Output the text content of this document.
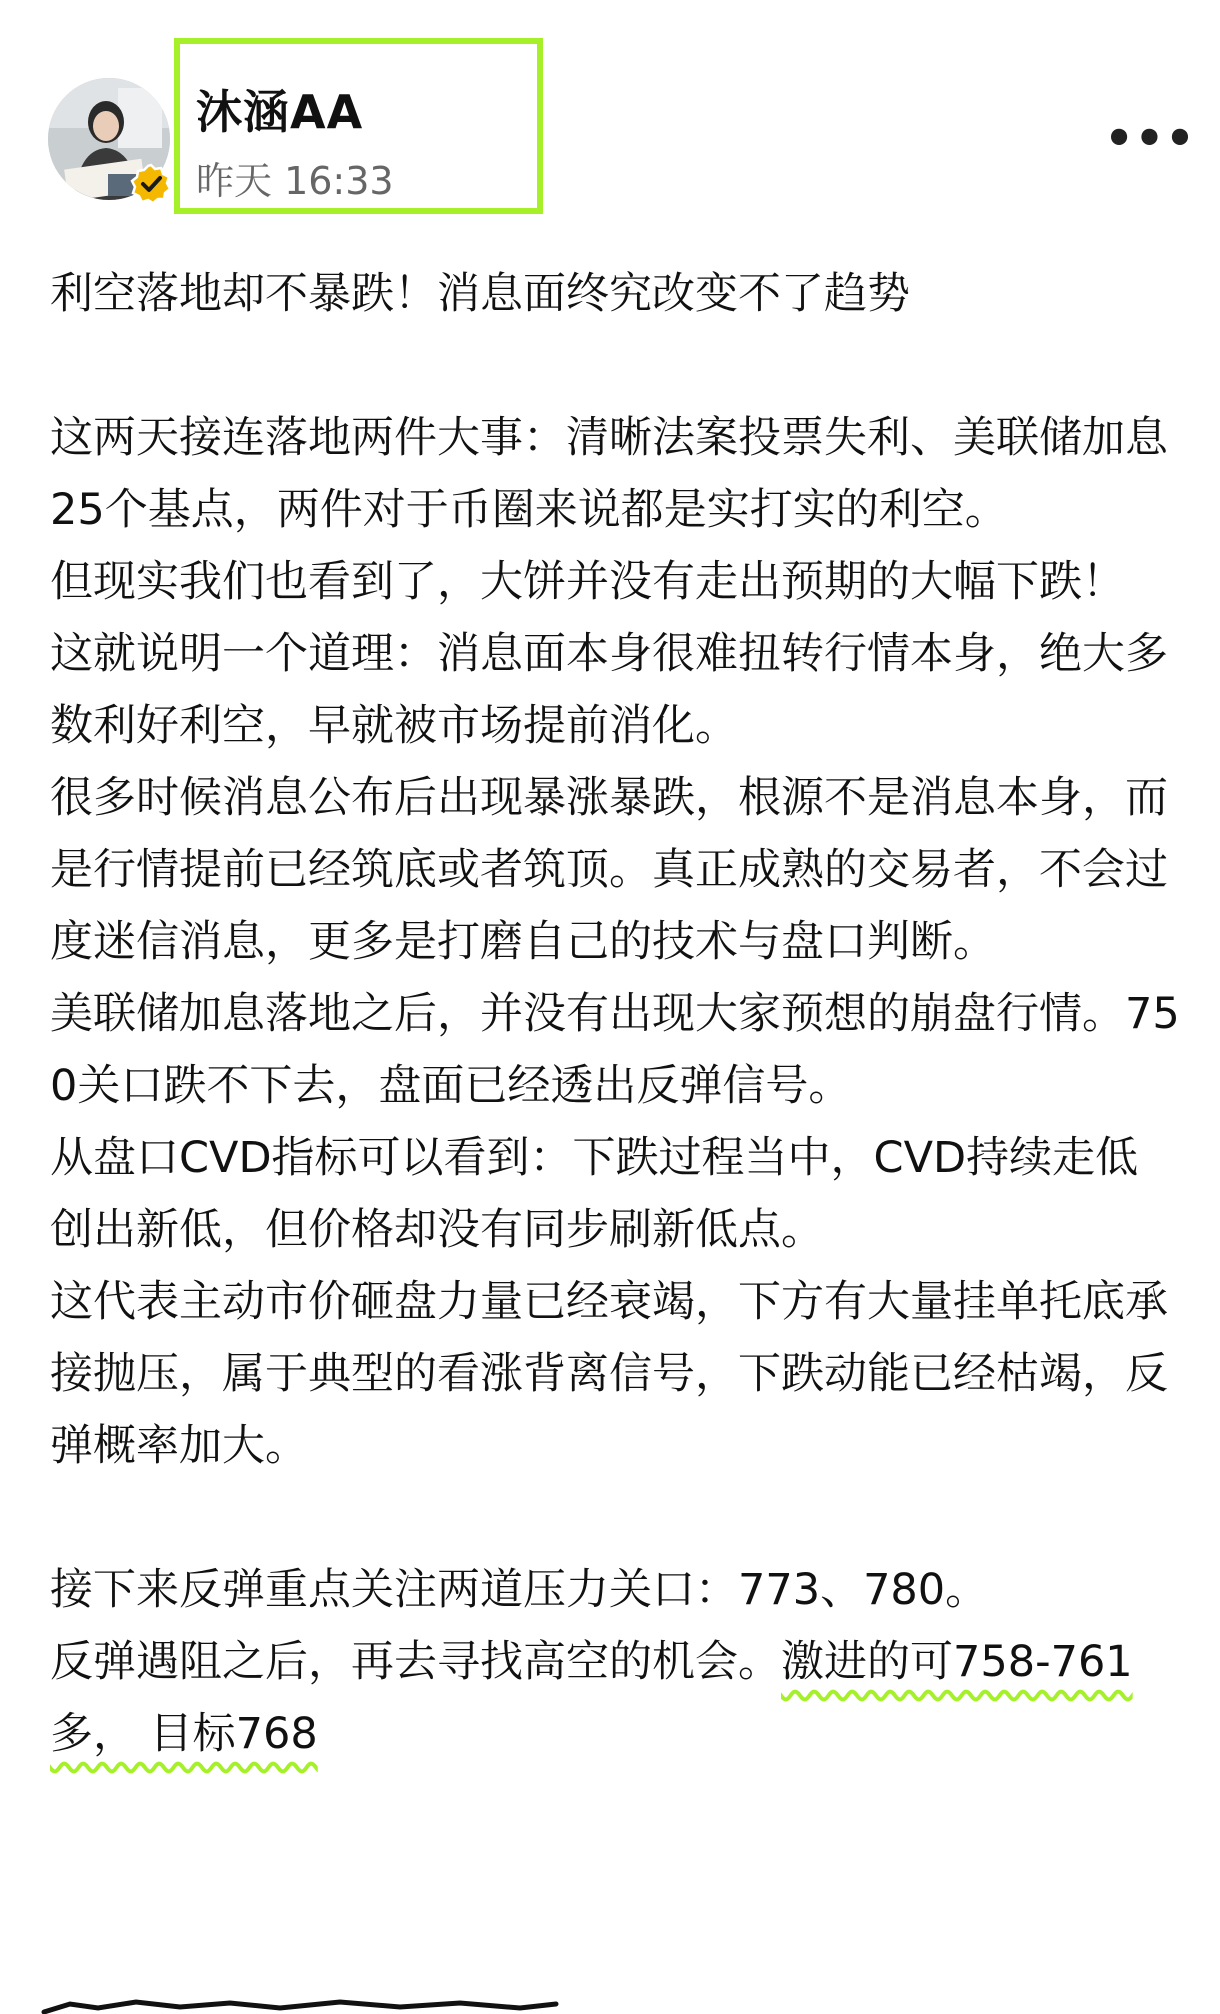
沐涵AA
昨天 16:33
•••

利空落地却不暴跌！消息面终究改变不了趋势

这两天接连落地两件大事：清晰法案投票失利、美联储加息25个基点，两件对于币圈来说都是实打实的利空。

但现实我们也看到了，大饼并没有走出预期的大幅下跌！

这就说明一个道理：消息面本身很难扭转行情本身，绝大多数利好利空，早就被市场提前消化。

很多时候消息公布后出现暴涨暴跌，根源不是消息本身，而是行情提前已经筑底或者筑顶。真正成熟的交易者，不会过度迷信消息，更多是打磨自己的技术与盘口判断。

美联储加息落地之后，并没有出现大家预想的崩盘行情。750关口跌不下去，盘面已经透出反弹信号。

从盘口CVD指标可以看到：下跌过程当中，CVD持续走低创出新低，但价格却没有同步刷新低点。

这代表主动市价砸盘力量已经衰竭，下方有大量挂单托底承接抛压，属于典型的看涨背离信号，下跌动能已经枯竭，反弹概率加大。

接下来反弹重点关注两道压力关口：773、780。

反弹遇阻之后，再去寻找高空的机会。激进的可758-761多， 目标768
